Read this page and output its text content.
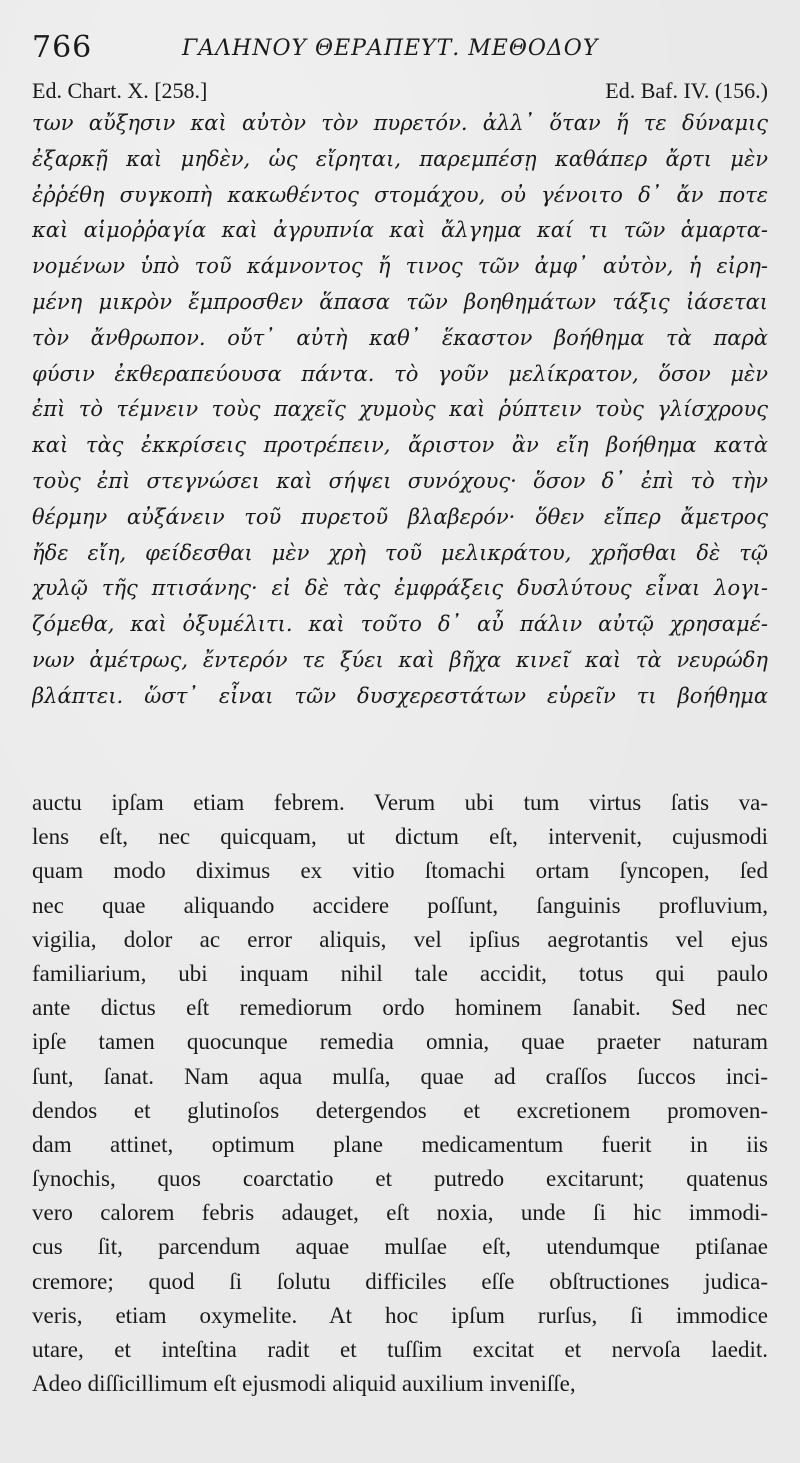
766	ΓΑΛΗΝΟΥ ΘΕΡΑΠΕΥΤ. ΜΕΘΟΔΟΥ
Ed. Chart. X. [258.]	Ed. Baf. IV. (156.)
των αὔξησιν καὶ αὐτὸν τὸν πυρετόν. ἀλλ᾽ ὅταν ἥ τε δύναμις
ἐξαρκῇ καὶ μηδὲν, ὡς εἴρηται, παρεμπέσῃ καθάπερ ἄρτι μὲν
ἐῤῥέθη συγκοπὴ κακωθέντος στομάχου, οὐ γένοιτο δ᾽ ἄν ποτε
καὶ αἱμοῤῥαγία καὶ ἀγρυπνία καὶ ἄλγημα καί τι τῶν ἁμαρτα-
νομένων ὑπὸ τοῦ κάμνοντος ἤ τινος τῶν ἀμφ᾽ αὐτὸν, ἡ εἰρη-
μένη μικρὸν ἔμπροσθεν ἅπασα τῶν βοηθημάτων τάξις ἰάσεται
τὸν ἄνθρωπον. οὔτ᾽ αὐτὴ καθ᾽ ἕκαστον βοήθημα τὰ παρὰ
φύσιν ἐκθεραπεύουσα πάντα. τὸ γοῦν μελίκρατον, ὅσον μὲν
ἐπὶ τὸ τέμνειν τοὺς παχεῖς χυμοὺς καὶ ῥύπτειν τοὺς γλίσχρους
καὶ τὰς ἐκκρίσεις προτρέπειν, ἄριστον ἂν εἴη βοήθημα κατὰ
τοὺς ἐπὶ στεγνώσει καὶ σήψει συνόχους· ὅσον δ᾽ ἐπὶ τὸ τὴν
θέρμην αὐξάνειν τοῦ πυρετοῦ βλαβερόν· ὅθεν εἴπερ ἄμετρος
ἤδε εἴη, φείδεσθαι μὲν χρὴ τοῦ μελικράτου, χρῆσθαι δὲ τῷ
χυλῷ τῆς πτισάνης· εἰ δὲ τὰς ἐμφράξεις δυσλύτους εἶναι λογι-
ζόμεθα, καὶ ὀξυμέλιτι. καὶ τοῦτο δ᾽ αὖ πάλιν αὐτῷ χρησαμέ-
νων ἀμέτρως, ἔντερόν τε ξύει καὶ βῆχα κινεῖ καὶ τὰ νευρώδη
βλάπτει. ὥστ᾽ εἶναι τῶν δυσχερεστάτων εὑρεῖν τι βοήθημα
auctu ipſam etiam febrem. Verum ubi tum virtus ſatis va-
lens eſt, nec quicquam, ut dictum eſt, intervenit, cujusmodi
quam modo diximus ex vitio ſtomachi ortam ſyncopen, ſed
nec quae aliquando accidere poſſunt, ſanguinis profluvium,
vigilia, dolor ac error aliquis, vel ipſius aegrotantis vel ejus
familiarium, ubi inquam nihil tale accidit, totus qui paulo
ante dictus eſt remediorum ordo hominem ſanabit. Sed nec
ipſe tamen quocunque remedia omnia, quae praeter naturam
ſunt, ſanat. Nam aqua mulſa, quae ad craſſos ſuccos inci-
dendos et glutinoſos detergendos et excretionem promoven-
dam attinet, optimum plane medicamentum fuerit in iis
ſynochis, quos coarctatio et putredo excitarunt; quatenus
vero calorem febris adauget, eſt noxia, unde ſi hic immodi-
cus ſit, parcendum aquae mulſae eſt, utendumque ptiſanae
cremore; quod ſi ſolutu difficiles eſſe obſtructiones judica-
veris, etiam oxymelite. At hoc ipſum rurſus, ſi immodice
utare, et inteſtina radit et tuſſim excitat et nervoſa laedit.
Adeo diſſicillimum eſt ejusmodi aliquid auxilium inveniſſe,
